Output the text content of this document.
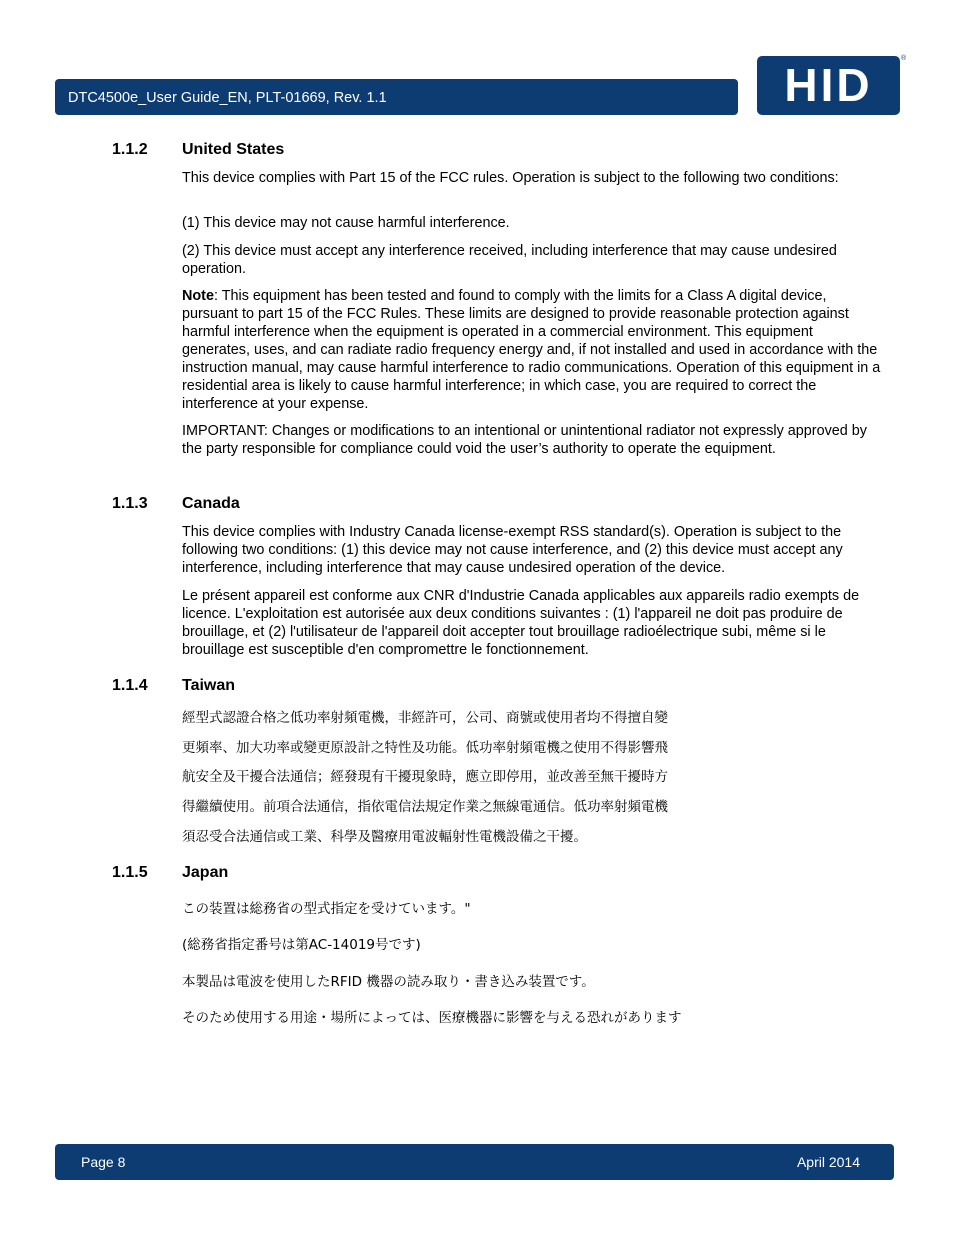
DTC4500e_User Guide_EN, PLT-01669, Rev. 1.1	HID
®
1.1.2 United States

This device complies with Part 15 of the FCC rules. Operation is subject to the following two conditions:

(1) This device may not cause harmful interference.

(2) This device must accept any interference received, including interference that may cause undesired operation.

Note: This equipment has been tested and found to comply with the limits for a Class A digital device, pursuant to part 15 of the FCC Rules. These limits are designed to provide reasonable protection against harmful interference when the equipment is operated in a commercial environment. This equipment generates, uses, and can radiate radio frequency energy and, if not installed and used in accordance with the instruction manual, may cause harmful interference to radio communications. Operation of this equipment in a residential area is likely to cause harmful interference; in which case, you are required to correct the interference at your expense.

IMPORTANT: Changes or modifications to an intentional or unintentional radiator not expressly approved by the party responsible for compliance could void the user’s authority to operate the equipment.

1.1.3 Canada

This device complies with Industry Canada license-exempt RSS standard(s). Operation is subject to the following two conditions: (1) this device may not cause interference, and (2) this device must accept any interference, including interference that may cause undesired operation of the device.

Le présent appareil est conforme aux CNR d'Industrie Canada applicables aux appareils radio exempts de licence. L'exploitation est autorisée aux deux conditions suivantes : (1) l'appareil ne doit pas produire de brouillage, et (2) l'utilisateur de l'appareil doit accepter tout brouillage radioélectrique subi, même si le brouillage est susceptible d'en compromettre le fonctionnement.

1.1.4 Taiwan
經型式認證合格之低功率射頻電機，非經許可，公司、商號或使用者均不得擅自變
更頻率、加大功率或變更原設計之特性及功能。低功率射頻電機之使用不得影響飛
航安全及干擾合法通信；經發現有干擾現象時，應立即停用，並改善至無干擾時方
得繼續使用。前項合法通信，指依電信法規定作業之無線電通信。低功率射頻電機
須忍受合法通信或工業、科學及醫療用電波輻射性電機設備之干擾。
1.1.5 Japan
この装置は総務省の型式指定を受けています。"
(総務省指定番号は第AC-14019号です)
本製品は電波を使用したRFID 機器の読み取り・書き込み装置です。
そのため使用する用途・場所によっては、医療機器に影響を与える恐れがあります
Page 8	April 2014
